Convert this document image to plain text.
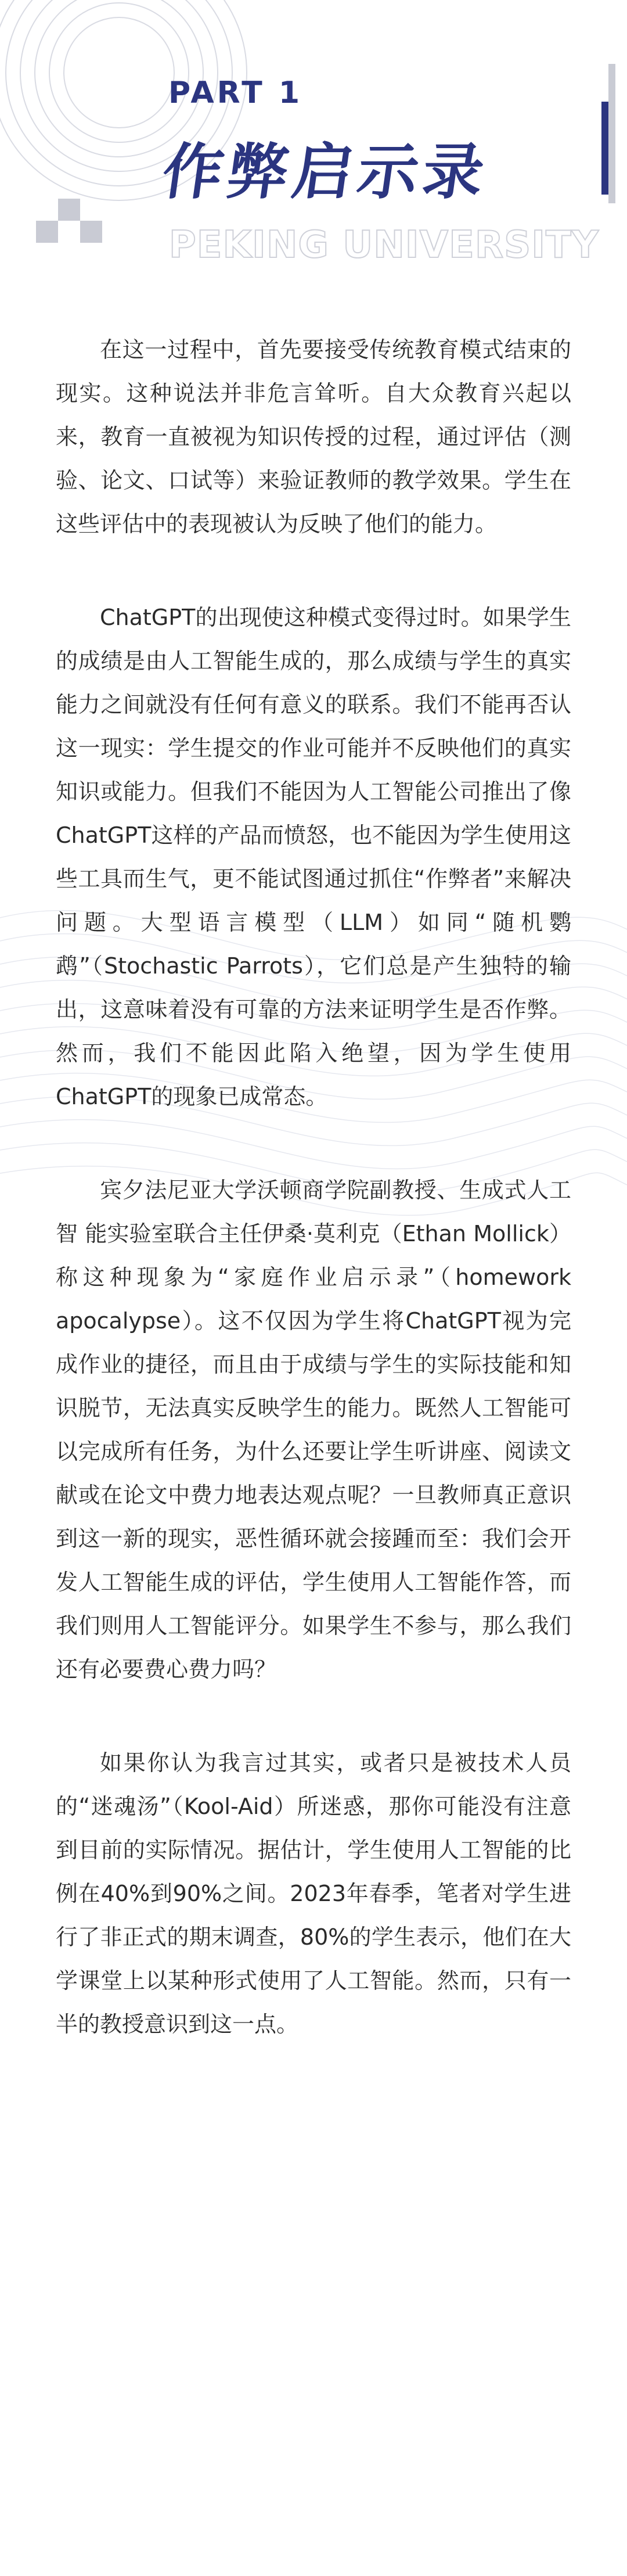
PART 1
作弊启示录
PEKING UNIVERSITY

在这一过程中，首先要接受传统教育模式结束的现实。这种说法并非危言耸听。自大众教育兴起以来，教育一直被视为知识传授的过程，通过评估（测验、论文、口试等）来验证教师的教学效果。学生在这些评估中的表现被认为反映了他们的能力。

ChatGPT的出现使这种模式变得过时。如果学生的成绩是由人工智能生成的，那么成绩与学生的真实能力之间就没有任何有意义的联系。我们不能再否认这一现实：学生提交的作业可能并不反映他们的真实知识或能力。但我们不能因为人工智能公司推出了像ChatGPT这样的产品而愤怒，也不能因为学生使用这些工具而生气，更不能试图通过抓住“作弊者”来解决问题。大型语言模型（LLM）如同“随机鹦鹉”（Stochastic Parrots），它们总是产生独特的输出，这意味着没有可靠的方法来证明学生是否作弊。然而，我们不能因此陷入绝望，因为学生使用 ChatGPT的现象已成常态。

宾夕法尼亚大学沃顿商学院副教授、生成式人工智 能实验室联合主任伊桑·莫利克（Ethan Mollick）称这种现象为“家庭作业启示录”（homework apocalypse）。这不仅因为学生将ChatGPT视为完成作业的捷径，而且由于成绩与学生的实际技能和知识脱节，无法真实反映学生的能力。既然人工智能可以完成所有任务，为什么还要让学生听讲座、阅读文献或在论文中费力地表达观点呢？一旦教师真正意识到这一新的现实，恶性循环就会接踵而至：我们会开发人工智能生成的评估，学生使用人工智能作答，而我们则用人工智能评分。如果学生不参与，那么我们还有必要费心费力吗？

如果你认为我言过其实，或者只是被技术人员的“迷魂汤”（Kool-Aid）所迷惑，那你可能没有注意到目前的实际情况。据估计，学生使用人工智能的比例在40%到90%之间。2023年春季，笔者对学生进行了非正式的期末调查，80%的学生表示，他们在大学课堂上以某种形式使用了人工智能。然而，只有一半的教授意识到这一点。
